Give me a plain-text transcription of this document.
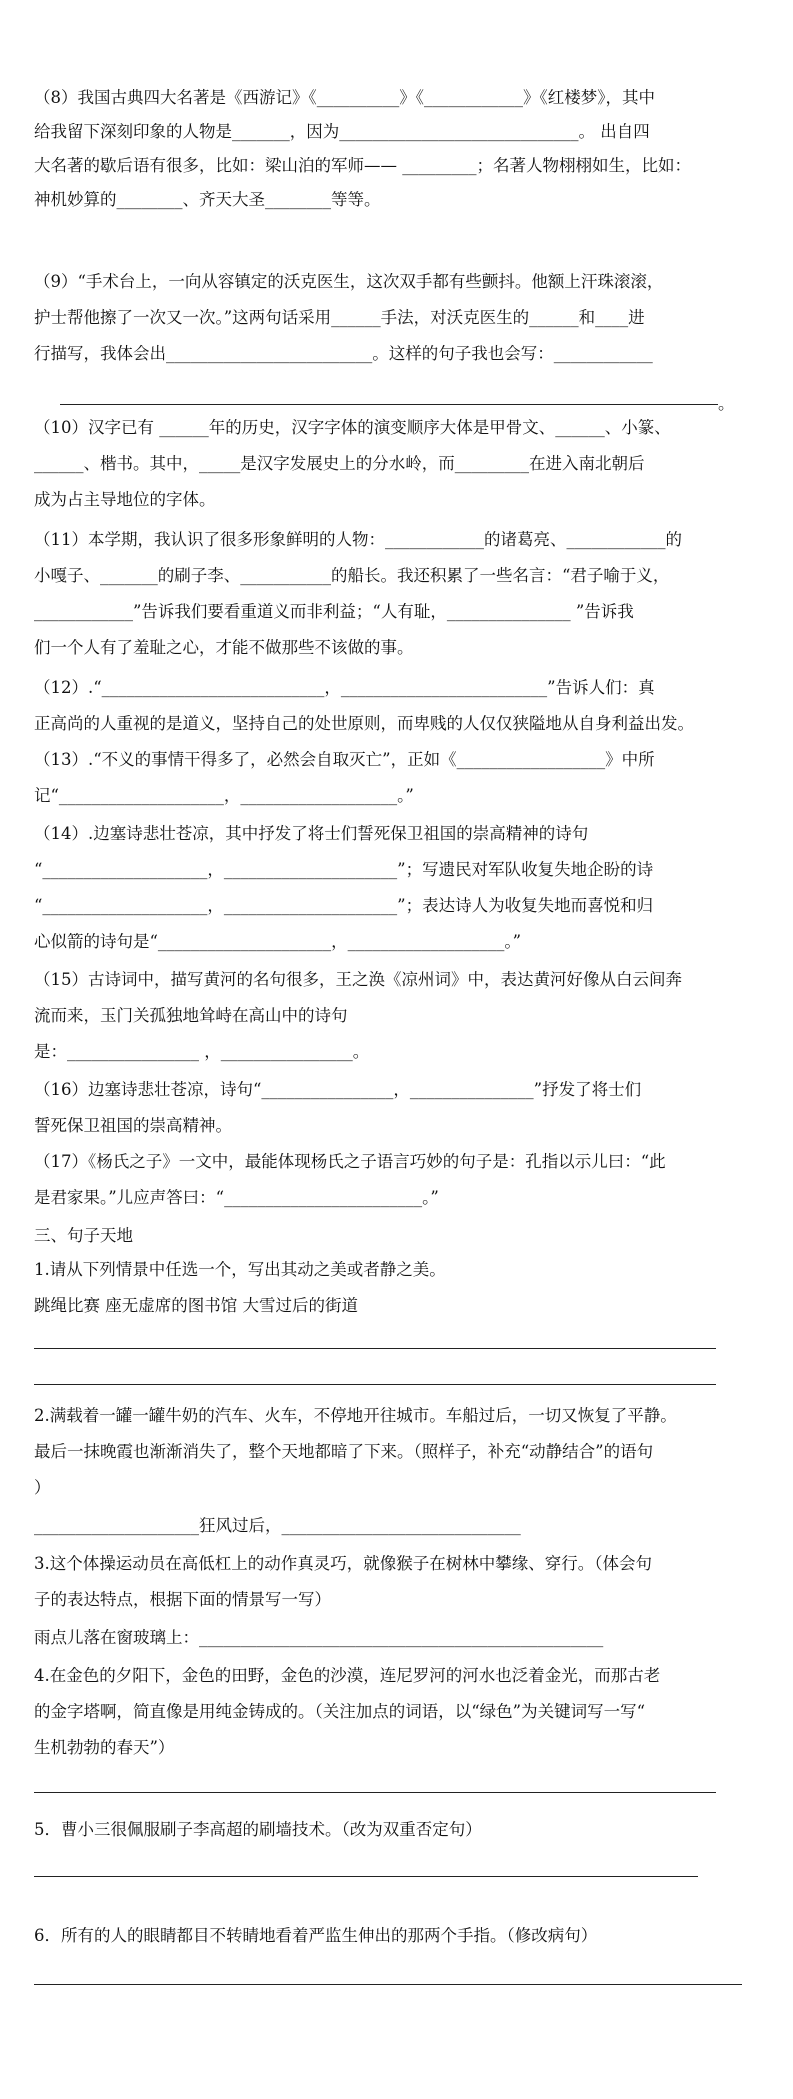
（8）我国古典四大名著是《西游记》《__________》《____________》《红楼梦》，其中
给我留下深刻印象的人物是_______，因为_____________________________。 出自四
大名著的歇后语有很多，比如：梁山泊的军师—— _________；名著人物栩栩如生，比如：
神机妙算的________、齐天大圣________等等。
（9）“手术台上，一向从容镇定的沃克医生，这次双手都有些颤抖。他额上汗珠滚滚，
护士帮他擦了一次又一次。”这两句话采用______手法，对沃克医生的______和____进
行描写，我体会出_________________________。这样的句子我也会写：____________
（10）汉字已有 ______年的历史，汉字字体的演变顺序大体是甲骨文、______、小篆、
______、楷书。其中，_____是汉字发展史上的分水岭，而_________在进入南北朝后
成为占主导地位的字体。
（11）本学期，我认识了很多形象鲜明的人物：____________的诸葛亮、____________的
小嘎子、_______的刷子李、___________的船长。我还积累了一些名言：“君子喻于义，
____________”告诉我们要看重道义而非利益；“人有耻，_______________ ”告诉我
们一个人有了羞耻之心，才能不做那些不该做的事。
（12）.“___________________________，_________________________”告诉人们：真
正高尚的人重视的是道义，坚持自己的处世原则，而卑贱的人仅仅狭隘地从自身利益出发。
（13）.“不义的事情干得多了，必然会自取灭亡”，正如《__________________》中所
记“____________________，___________________。”
（14）.边塞诗悲壮苍凉，其中抒发了将士们誓死保卫祖国的崇高精神的诗句
“____________________，_____________________”；写遗民对军队收复失地企盼的诗
“____________________，_____________________”；表达诗人为收复失地而喜悦和归
心似箭的诗句是“_____________________，___________________。”
（15）古诗词中，描写黄河的名句很多，王之涣《凉州词》中，表达黄河好像从白云间奔
流而来，玉门关孤独地耸峙在高山中的诗句
是：________________ ，________________。
（16）边塞诗悲壮苍凉，诗句“________________，_______________”抒发了将士们
誓死保卫祖国的崇高精神。
（17）《杨氏之子》一文中，最能体现杨氏之子语言巧妙的句子是：孔指以示儿曰：“此
是君家果。”儿应声答曰：“________________________。”
三、句子天地
1.请从下列情景中任选一个，写出其动之美或者静之美。
跳绳比赛 座无虚席的图书馆 大雪过后的街道
2.满载着一罐一罐牛奶的汽车、火车，不停地开往城市。车船过后，一切又恢复了平静。
最后一抹晚霞也渐渐消失了，整个天地都暗了下来。（照样子，补充“动静结合”的语句
）
____________________狂风过后，_____________________________
3.这个体操运动员在高低杠上的动作真灵巧，就像猴子在树林中攀缘、穿行。（体会句
子的表达特点，根据下面的情景写一写）
雨点儿落在窗玻璃上：_________________________________________________
4.在金色的夕阳下，金色的田野，金色的沙漠，连尼罗河的河水也泛着金光，而那古老
的金字塔啊，简直像是用纯金铸成的。（关注加点的词语，以“绿色”为关键词写一写“
生机勃勃的春天”）
5．曹小三很佩服刷子李高超的刷墙技术。（改为双重否定句）
6．所有的人的眼睛都目不转睛地看着严监生伸出的那两个手指。（修改病句）
。
